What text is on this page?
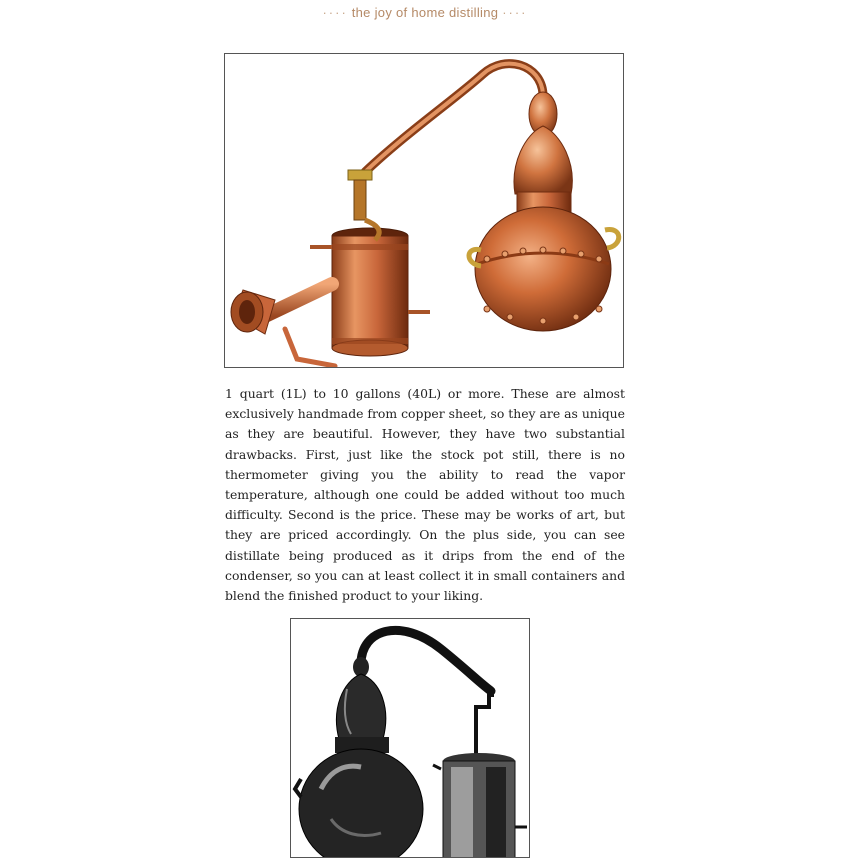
···· the joy of home distilling ····

1 quart (1L) to 10 gallons (40L) or more. These are almost exclusively handmade from copper sheet, so they are as unique as they are beautiful. However, they have two substantial drawbacks. First, just like the stock pot still, there is no thermometer giving you the ability to read the vapor temperature, although one could be added without too much difficulty. Second is the price. These may be works of art, but they are priced accordingly. On the plus side, you can see distillate being produced as it drips from the end of the condenser, so you can at least collect it in small containers and blend the finished product to your liking.
